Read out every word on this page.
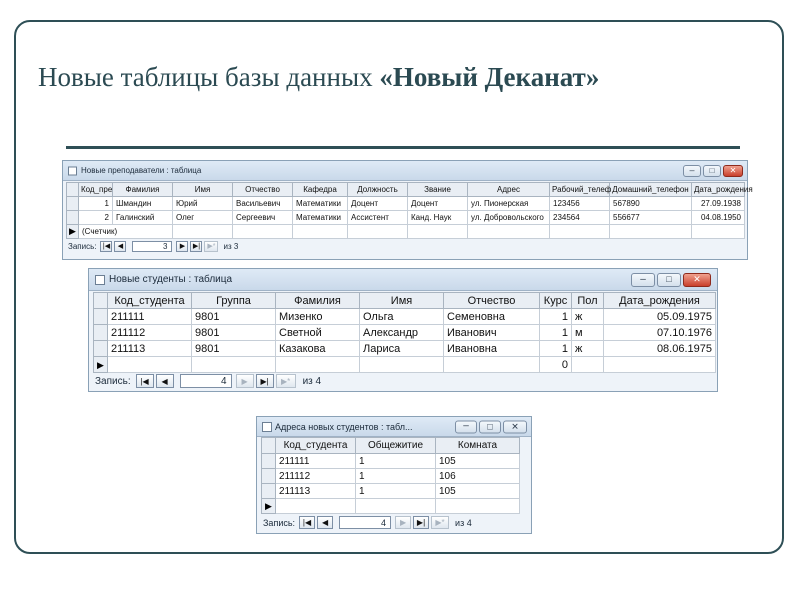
Новые таблицы базы данных «Новый Деканат»
Новые преподаватели : таблица	–	□	✕
	Код_пре	Фамилия	Имя	Отчество	Кафедра	Должность	Звание	Адрес	Рабочий_телеф	Домашний_телефон	Дата_рождения
	1	Шмандин	Юрий	Васильевич	Математики	Доцент	Доцент	ул. Пионерская	123456	567890	27.09.1938
	2	Галинский	Олег	Сергеевич	Математики	Ассистент	Канд. Наук	ул. Добровольского	234564	556677	04.08.1950
▶	(Счетчик)										
Запись: |◀	◀	3	▶	▶|	▶* из 3
Новые студенты : таблица	–	□	✕
	Код_студента	Группа	Фамилия	Имя	Отчество	Курс	Пол	Дата_рождения
	211111	9801	Мизенко	Ольга	Семеновна	1	ж	05.09.1975
	211112	9801	Светной	Александр	Иванович	1	м	07.10.1976
	211113	9801	Казакова	Лариса	Ивановна	1	ж	08.06.1975
▶						0		
Запись:	|◀	◀	4	▶	▶|	▶*	из 4
Адреса новых студентов : табл...	–	□	✕
	Код_студента	Общежитие	Комната
	211111	1	105
	211112	1	106
	211113	1	105
▶			
Запись: |◀	◀	4	▶	▶|	▶*	из 4
